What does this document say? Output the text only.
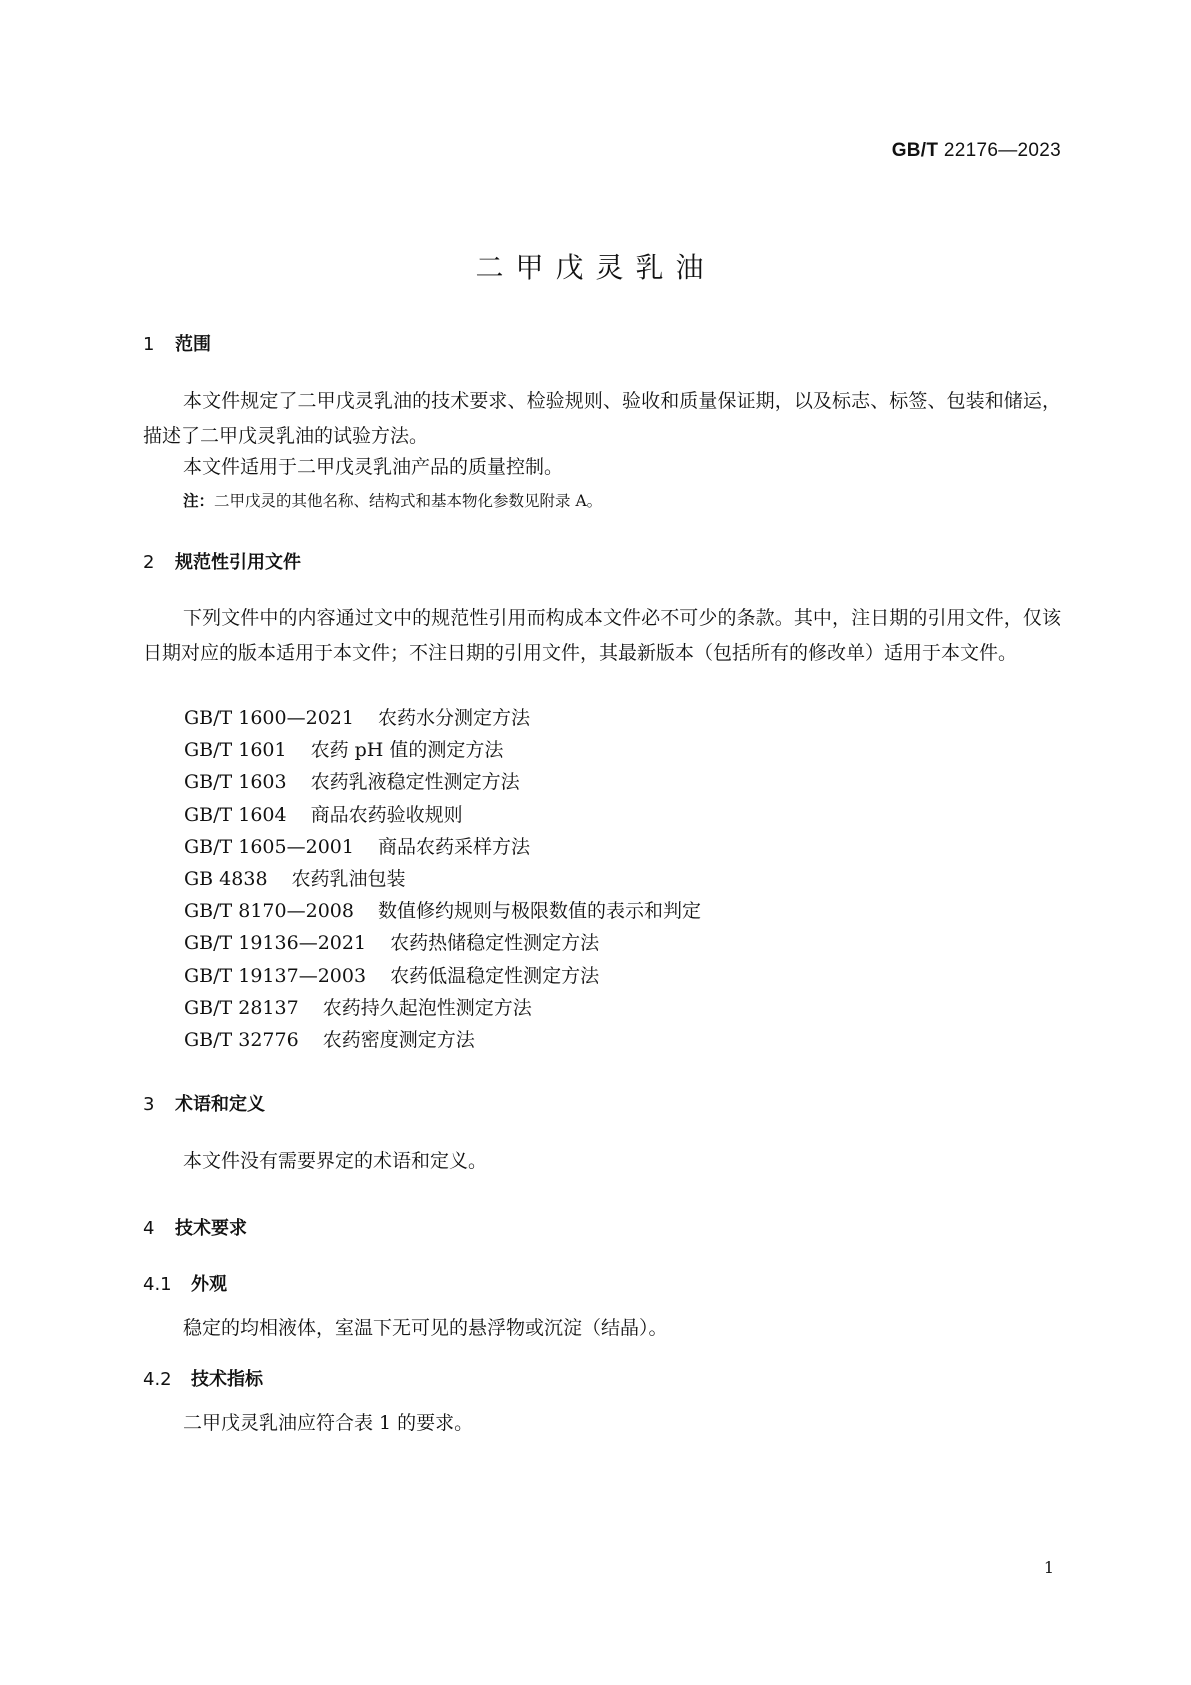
GB/T 22176—2023
二甲戊灵乳油
1 范围
本文件规定了二甲戊灵乳油的技术要求、检验规则、验收和质量保证期，以及标志、标签、包装和储运，描述了二甲戊灵乳油的试验方法。
本文件适用于二甲戊灵乳油产品的质量控制。
注：二甲戊灵的其他名称、结构式和基本物化参数见附录 A。
2 规范性引用文件
下列文件中的内容通过文中的规范性引用而构成本文件必不可少的条款。其中，注日期的引用文件，仅该日期对应的版本适用于本文件；不注日期的引用文件，其最新版本（包括所有的修改单）适用于本文件。
GB/T 1600—2021 农药水分测定方法
GB/T 1601 农药 pH 值的测定方法
GB/T 1603 农药乳液稳定性测定方法
GB/T 1604 商品农药验收规则
GB/T 1605—2001 商品农药采样方法
GB 4838 农药乳油包装
GB/T 8170—2008 数值修约规则与极限数值的表示和判定
GB/T 19136—2021 农药热储稳定性测定方法
GB/T 19137—2003 农药低温稳定性测定方法
GB/T 28137 农药持久起泡性测定方法
GB/T 32776 农药密度测定方法
3 术语和定义
本文件没有需要界定的术语和定义。
4 技术要求
4.1 外观
稳定的均相液体，室温下无可见的悬浮物或沉淀（结晶）。
4.2 技术指标
二甲戊灵乳油应符合表 1 的要求。
1
